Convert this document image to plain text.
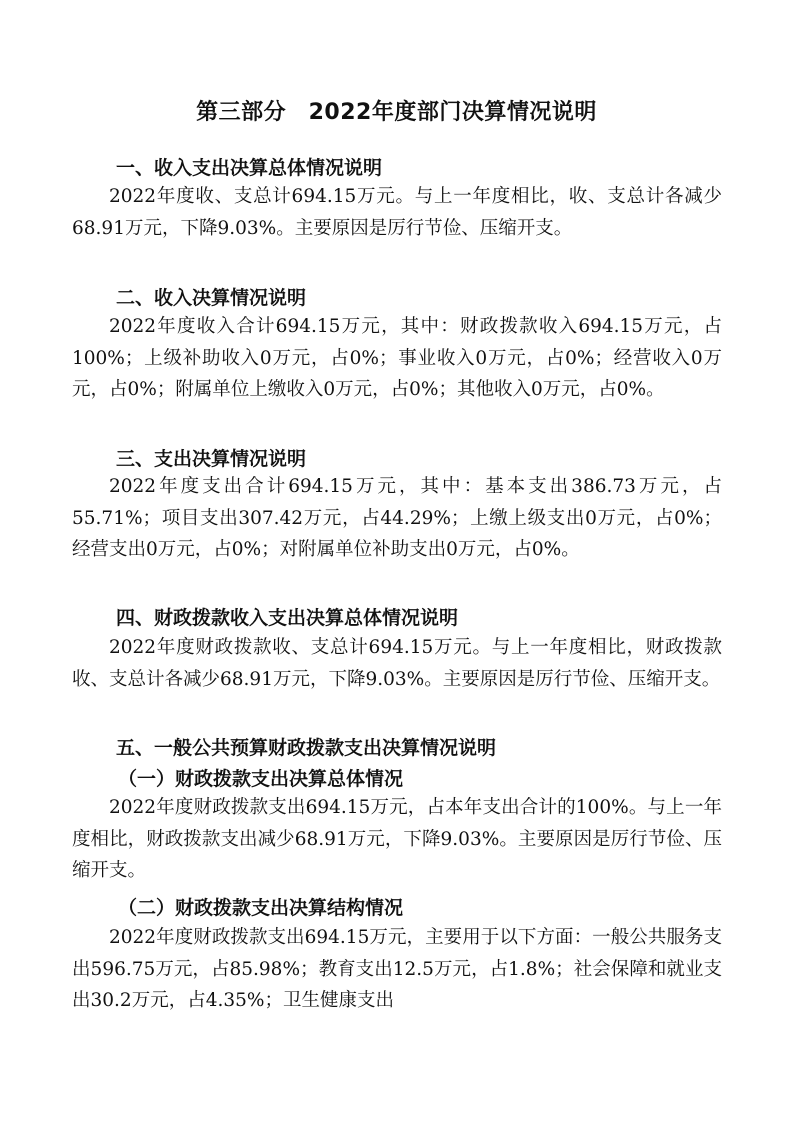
第三部分　2022年度部门决算情况说明
一、收入支出决算总体情况说明

2022年度收、支总计694.15万元。与上一年度相比，收、支总计各减少68.91万元，下降9.03%。主要原因是厉行节俭、压缩开支。

二、收入决算情况说明

2022年度收入合计694.15万元，其中：财政拨款收入694.15万元，占100%；上级补助收入0万元，占0%；事业收入0万元，占0%；经营收入0万元，占0%；附属单位上缴收入0万元，占0%；其他收入0万元，占0%。

三、支出决算情况说明

2022年度支出合计694.15万元，其中：基本支出386.73万元，占55.71%；项目支出307.42万元，占44.29%；上缴上级支出0万元，占0%；经营支出0万元，占0%；对附属单位补助支出0万元，占0%。

四、财政拨款收入支出决算总体情况说明

2022年度财政拨款收、支总计694.15万元。与上一年度相比，财政拨款收、支总计各减少68.91万元，下降9.03%。主要原因是厉行节俭、压缩开支。

五、一般公共预算财政拨款支出决算情况说明
（一）财政拨款支出决算总体情况

2022年度财政拨款支出694.15万元，占本年支出合计的100%。与上一年度相比，财政拨款支出减少68.91万元，下降9.03%。主要原因是厉行节俭、压缩开支。

（二）财政拨款支出决算结构情况

2022年度财政拨款支出694.15万元，主要用于以下方面：一般公共服务支出596.75万元，占85.98%；教育支出12.5万元，占1.8%；社会保障和就业支出30.2万元，占4.35%；卫生健康支出
